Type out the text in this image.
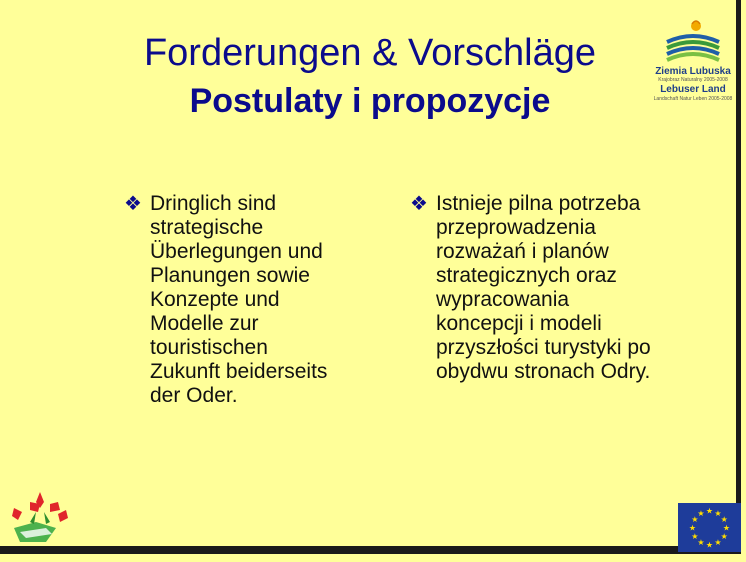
Forderungen & Vorschläge
Postulaty i propozycje
Ziemia Lubuska
Krajobraz Naturalny 2005-2008
Lebuser Land
Landschaft Natur Leben 2005-2008
❖ Dringlich sind strategische Überlegungen und Planungen sowie Konzepte und Modelle zur touristischen Zukunft beiderseits der Oder.
❖ Istnieje pilna potrzeba przeprowadzenia rozważań i planów strategicznych oraz wypracowania koncepcji i modeli przyszłości turystyki po obydwu stronach Odry.
★ ★
★
★
★
★
★
★
★
★
★
★
